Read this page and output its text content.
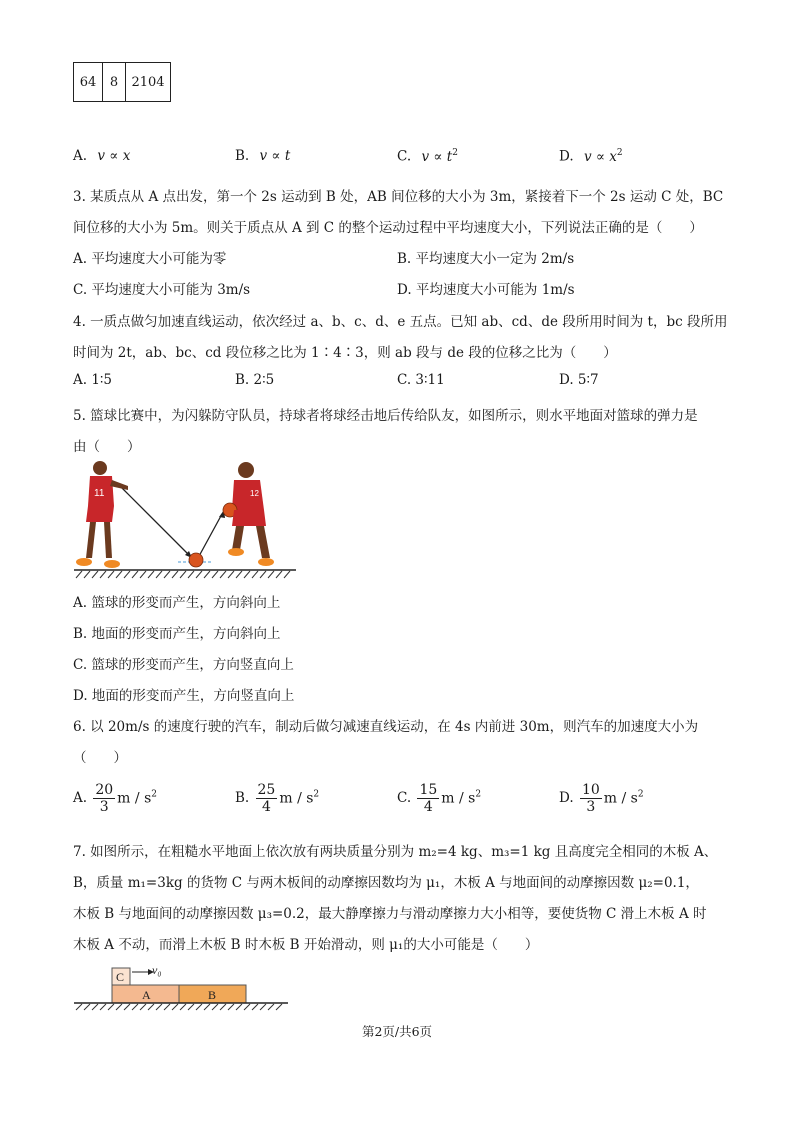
64	8	2104
A. v ∝ x	B. v ∝ t	C. $v \propto t^2$	D. $v \propto x^2$
3. 某质点从 A 点出发，第一个 2s 运动到 B 处，AB 间位移的大小为 3m，紧接着下一个 2s 运动 C 处，BC
间位移的大小为 5m。则关于质点从 A 到 C 的整个运动过程中平均速度大小，下列说法正确的是（　　）
A. 平均速度大小可能为零	B. 平均速度大小一定为 2m/s
C. 平均速度大小可能为 3m/s	D. 平均速度大小可能为 1m/s
4. 一质点做匀加速直线运动，依次经过 a、b、c、d、e 五点。已知 ab、cd、de 段所用时间为 t，bc 段所用
时间为 2t，ab、bc、cd 段位移之比为 1∶4∶3，则 ab 段与 de 段的位移之比为（　　）
A. 1∶5	B. 2∶5	C. 3∶11	D. 5∶7
5. 篮球比赛中，为闪躲防守队员，持球者将球经击地后传给队友，如图所示，则水平地面对篮球的弹力是
由（　　）
11	12
A. 篮球的形变而产生，方向斜向上
B. 地面的形变而产生，方向斜向上
C. 篮球的形变而产生，方向竖直向上
D. 地面的形变而产生，方向竖直向上
6. 以 20m/s 的速度行驶的汽车，制动后做匀减速直线运动，在 4s 内前进 30m，则汽车的加速度大小为
（　　）
A. $\frac{20}{3}$ m / $s^2$	B. $\frac{25}{4}$ m / $s^2$	C. $\frac{15}{4}$ m / $s^2$	D. $\frac{10}{3}$ m / $s^2$
7. 如图所示，在粗糙水平地面上依次放有两块质量分别为 m₂=4 kg、m₃=1 kg 且高度完全相同的木板 A、
B，质量 m₁=3kg 的货物 C 与两木板间的动摩擦因数均为 μ₁，木板 A 与地面间的动摩擦因数 μ₂=0.1，
木板 B 与地面间的动摩擦因数 μ₃=0.2，最大静摩擦力与滑动摩擦力大小相等，要使货物 C 滑上木板 A 时
木板 A 不动，而滑上木板 B 时木板 B 开始滑动，则 μ₁的大小可能是（　　）
C v₀
A	B
第2页/共6页
